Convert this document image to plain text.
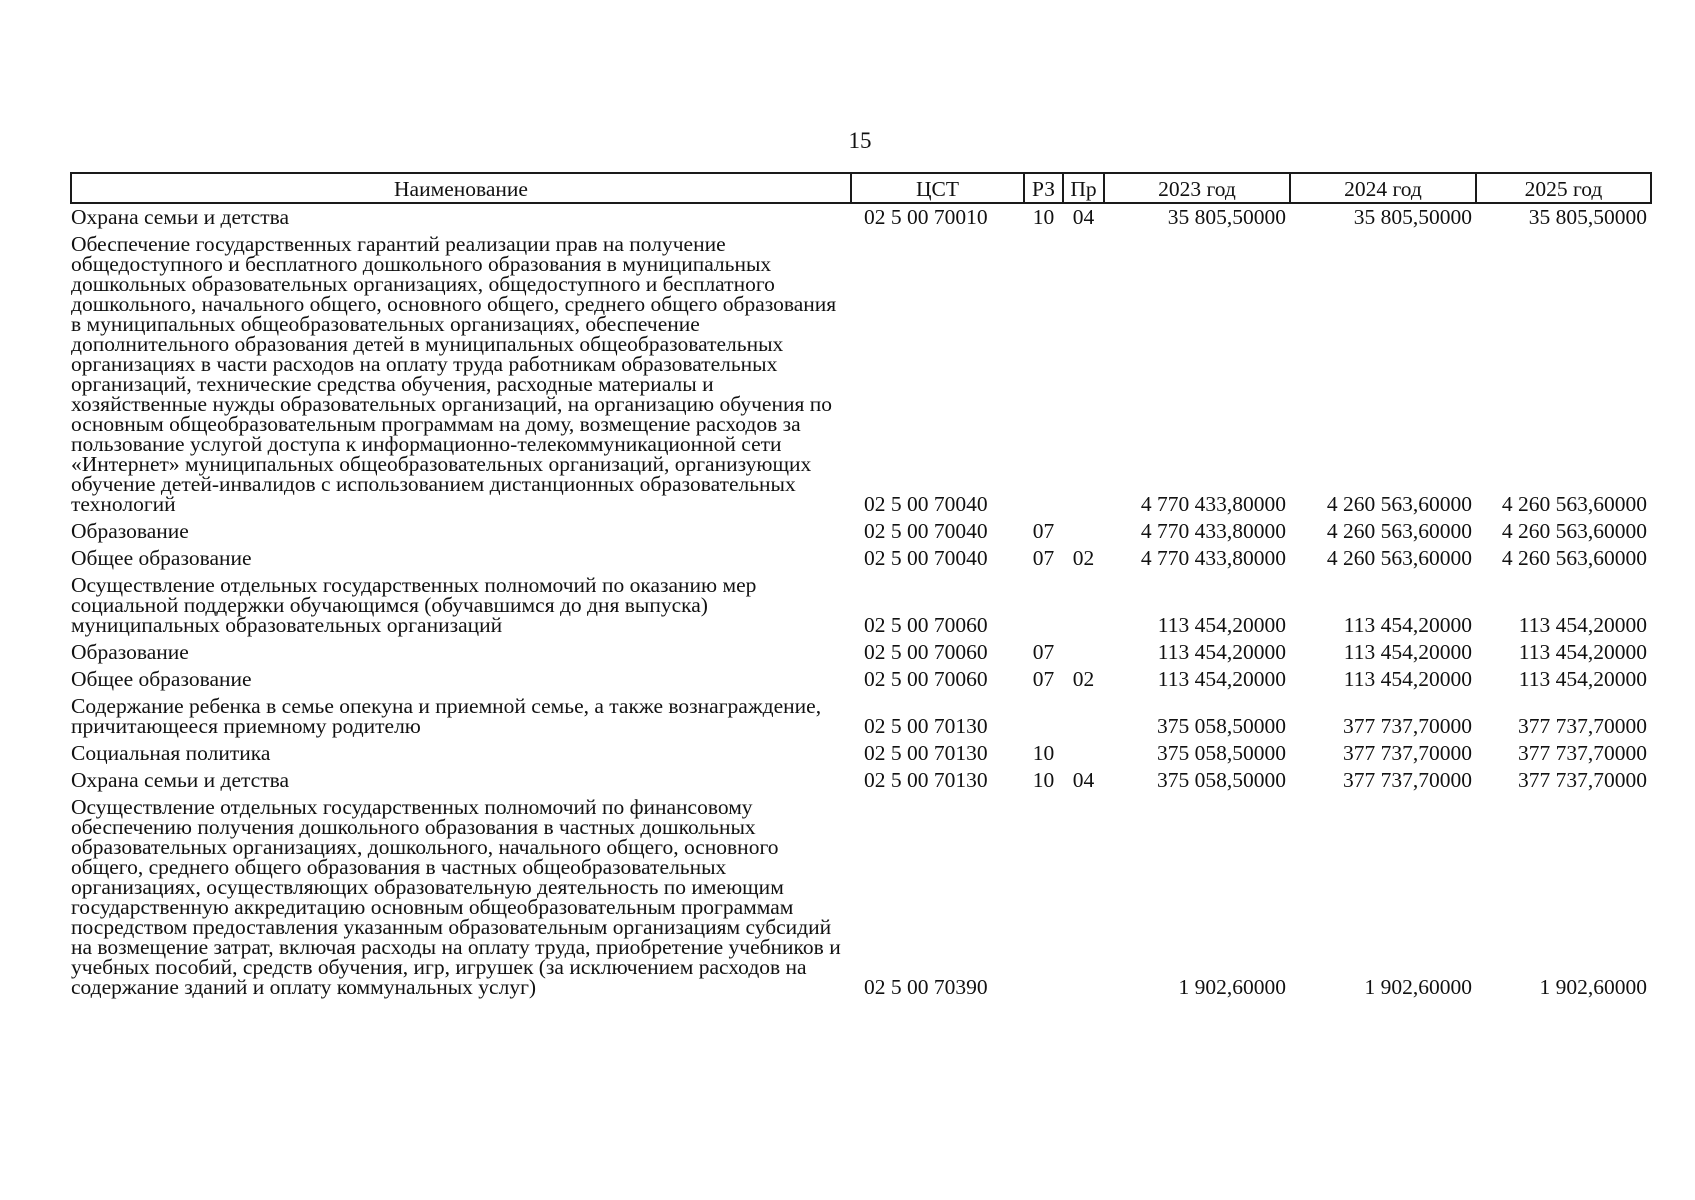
15
Наименование	ЦСТ	РЗ	Пр	2023 год	2024 год	2025 год
Охрана семьи и детства	02 5 00 70010	10	04	35 805,50000	35 805,50000	35 805,50000
Обеспечение государственных гарантий реализации прав на получение общедоступного и бесплатного дошкольного образования в муниципальных дошкольных образовательных организациях, общедоступного и бесплатного дошкольного, начального общего, основного общего, среднего общего образования в муниципальных общеобразовательных организациях, обеспечение дополнительного образования детей в муниципальных общеобразовательных организациях в части расходов на оплату труда работникам образовательных организаций, технические средства обучения, расходные материалы и хозяйственные нужды образовательных организаций, на организацию обучения по основным общеобразовательным программам на дому, возмещение расходов за пользование услугой доступа к информационно-телекоммуникационной сети «Интернет» муниципальных общеобразовательных организаций, организующих обучение детей-инвалидов с использованием дистанционных образовательных технологий	02 5 00 70040			4 770 433,80000	4 260 563,60000	4 260 563,60000
Образование	02 5 00 70040	07		4 770 433,80000	4 260 563,60000	4 260 563,60000
Общее образование	02 5 00 70040	07	02	4 770 433,80000	4 260 563,60000	4 260 563,60000
Осуществление отдельных государственных полномочий по оказанию мер социальной поддержки обучающимся (обучавшимся до дня выпуска) муниципальных образовательных организаций	02 5 00 70060			113 454,20000	113 454,20000	113 454,20000
Образование	02 5 00 70060	07		113 454,20000	113 454,20000	113 454,20000
Общее образование	02 5 00 70060	07	02	113 454,20000	113 454,20000	113 454,20000
Содержание ребенка в семье опекуна и приемной семье, а также вознаграждение, причитающееся приемному родителю	02 5 00 70130			375 058,50000	377 737,70000	377 737,70000
Социальная политика	02 5 00 70130	10		375 058,50000	377 737,70000	377 737,70000
Охрана семьи и детства	02 5 00 70130	10	04	375 058,50000	377 737,70000	377 737,70000
Осуществление отдельных государственных полномочий по финансовому обеспечению получения дошкольного образования в частных дошкольных образовательных организациях, дошкольного, начального общего, основного общего, среднего общего образования в частных общеобразовательных организациях, осуществляющих образовательную деятельность по имеющим государственную аккредитацию основным общеобразовательным программам посредством предоставления указанным образовательным организациям субсидий на возмещение затрат, включая расходы на оплату труда, приобретение учебников и учебных пособий, средств обучения, игр, игрушек (за исключением расходов на содержание зданий и оплату коммунальных услуг)	02 5 00 70390			1 902,60000	1 902,60000	1 902,60000
